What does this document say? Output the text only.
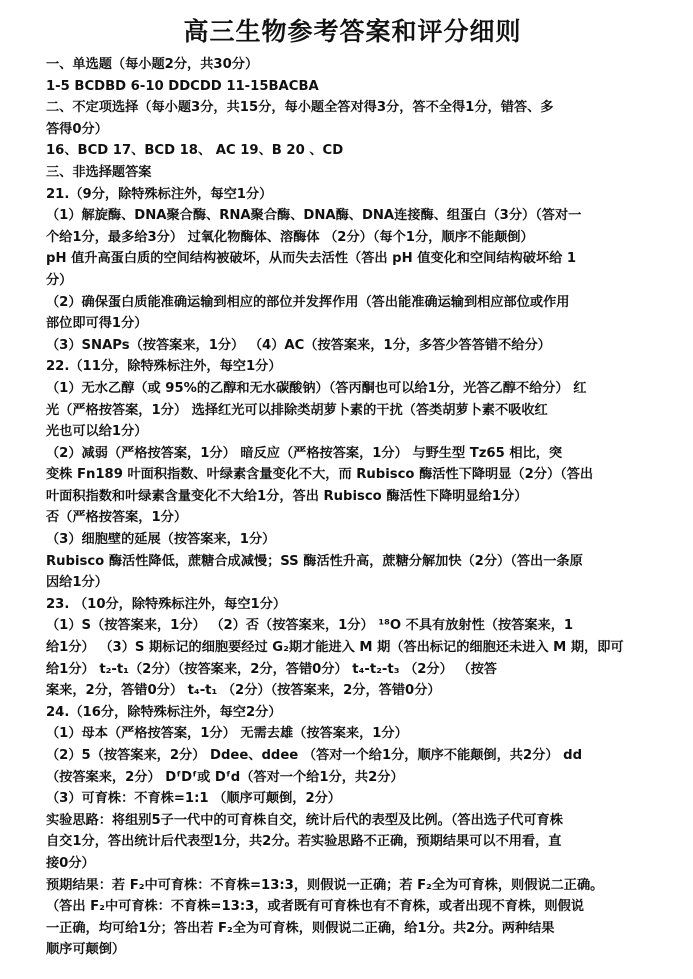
高三生物参考答案和评分细则
一、单选题（每小题2分，共30分）
1-5 BCDBD 6-10 DDCDD 11-15BACBA
二、不定项选择（每小题3分，共15分，每小题全答对得3分，答不全得1分，错答、多
答得0分）
16、BCD 17、BCD 18、 AC 19、B 20 、CD
三、非选择题答案
21.（9分，除特殊标注外，每空1分）
（1）解旋酶、DNA聚合酶、RNA聚合酶、DNA酶、DNA连接酶、组蛋白（3分）（答对一
个给1分，最多给3分） 过氧化物酶体、溶酶体 （2分）（每个1分，顺序不能颠倒）
pH 值升高蛋白质的空间结构被破坏，从而失去活性（答出 pH 值变化和空间结构破坏给 1
分）
（2）确保蛋白质能准确运输到相应的部位并发挥作用（答出能准确运输到相应部位或作用
部位即可得1分）
（3）SNAPs（按答案来，1分） （4）AC（按答案来，1分，多答少答答错不给分）
22.（11分，除特殊标注外，每空1分）
（1）无水乙醇（或 95%的乙醇和无水碳酸钠）（答丙酮也可以给1分，光答乙醇不给分） 红
光（严格按答案，1分） 选择红光可以排除类胡萝卜素的干扰（答类胡萝卜素不吸收红
光也可以给1分）
（2）减弱（严格按答案，1分） 暗反应（严格按答案，1分） 与野生型 Tz65 相比，突
变株 Fn189 叶面积指数、叶绿素含量变化不大，而 Rubisco 酶活性下降明显（2分）（答出
叶面积指数和叶绿素含量变化不大给1分，答出 Rubisco 酶活性下降明显给1分）
否（严格按答案，1分）
（3）细胞壁的延展（按答案来，1分）
Rubisco 酶活性降低，蔗糖合成减慢；SS 酶活性升高，蔗糖分解加快（2分）（答出一条原
因给1分）
23. （10分，除特殊标注外，每空1分）
（1）S（按答案来，1分） （2）否（按答案来，1分） ¹⁸O 不具有放射性（按答案来，1
给1分） （3）S 期标记的细胞要经过 G₂期才能进入 M 期（答出标记的细胞还未进入 M 期，即可
给1分） t₂-t₁（2分）（按答案来，2分，答错0分） t₄-t₂-t₃ （2分） （按答
案来，2分，答错0分） t₄-t₁ （2分）（按答案来，2分，答错0分）
24.（16分，除特殊标注外，每空2分）
（1）母本（严格按答案，1分） 无需去雄（按答案来，1分）
（2）5（按答案来，2分） Ddee、ddee （答对一个给1分，顺序不能颠倒，共2分） dd
（按答案来，2分） DᶠDᶠ或 Dᶠd（答对一个给1分，共2分）
（3）可育株：不育株=1:1 （顺序可颠倒，2分）
实验思路：将组别5子一代中的可育株自交，统计后代的表型及比例。（答出选子代可育株
自交1分，答出统计后代表型1分，共2分。若实验思路不正确，预期结果可以不用看，直
接0分）
预期结果：若 F₂中可育株：不育株=13:3，则假说一正确；若 F₂全为可育株，则假说二正确。
（答出 F₂中可育株：不育株=13:3，或者既有可育株也有不育株，或者出现不育株，则假说
一正确，均可给1分；答出若 F₂全为可育株，则假说二正确，给1分。共2分。两种结果
顺序可颠倒）
